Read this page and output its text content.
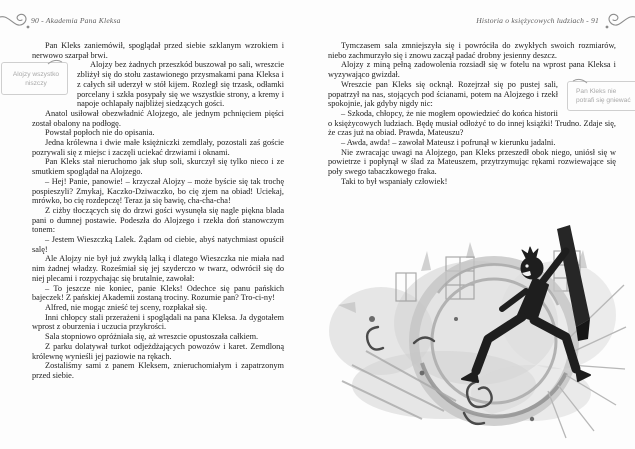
90 - Akademia Pana Kleksa

Pan Kleks zaniemówił, spoglądał przed siebie szklanym wzrokiem i nerwowo szarpał brwi.

Alojzy wszystko niszczy
Alojzy bez żadnych przeszkód buszował po sali, wreszcie zbliżył się do stołu zastawionego przysmakami pana Kleksa i z całych sił uderzył w stół kijem. Rozległ się trzask, odłamki porcelany i szkła posypały się we wszystkie strony, a kremy i napoje ochlapały najbliżej siedzących gości.

Anatol usiłował obezwładnić Alojzego, ale jednym pchnięciem pięści został obalony na podłogę.

Powstał popłoch nie do opisania.

Jedna królewna i dwie małe księżniczki zemdlały, pozostali zaś goście pozrywali się z miejsc i zaczęli uciekać drzwiami i oknami.

Pan Kleks stał nieruchomo jak słup soli, skurczył się tylko nieco i ze smutkiem spoglądał na Alojzego.

– Hej! Panie, panowie! – krzyczał Alojzy – może byście się tak trochę pospieszyli? Zmykaj, Kaczko-Dziwaczko, bo cię zjem na obiad! Uciekaj, mrówko, bo cię rozdepczę! Teraz ja się bawię, cha-cha-cha!

Z ciżby tłoczących się do drzwi gości wysunęła się nagle piękna blada pani o dumnej postawie. Podeszła do Alojzego i rzekła doń stanowczym tonem:

– Jestem Wieszczką Lalek. Żądam od ciebie, abyś natychmiast opuścił salę!

Ale Alojzy nie był już zwykłą lalką i dlatego Wieszczka nie miała nad nim żadnej władzy. Roześmiał się jej szyderczo w twarz, odwrócił się do niej plecami i rozpychając się brutalnie, zawołał:

– To jeszcze nie koniec, panie Kleks! Odechce się panu pańskich bajeczek! Z pańskiej Akademii zostaną trociny. Rozumie pan? Tro-ci-ny!

Alfred, nie mogąc znieść tej sceny, rozpłakał się.

Inni chłopcy stali przerażeni i spoglądali na pana Kleksa. Ja dygotałem wprost z oburzenia i uczucia przykrości.

Sala stopniowo opróżniała się, aż wreszcie opustoszała całkiem.

Z parku dolatywał turkot odjeżdżających powozów i karet. Zemdloną królewnę wynieśli jej paziowie na rękach.

Zostaliśmy sami z panem Kleksem, znieruchomiałym i zapatrzonym przed siebie.

Historia o księżycowych ludziach - 91

Tymczasem sala zmniejszyła się i powróciła do zwykłych swoich rozmiarów, niebo zachmurzyło się i znowu zaczął padać drobny jesienny deszcz.

Alojzy z miną pełną zadowolenia rozsiadł się w fotelu na wprost pana Kleksa i wyzywająco gwizdał.

Pan Kleks nie potrafi się gniewać
Wreszcie pan Kleks się ocknął. Rozejrzał się po pustej sali, popatrzył na nas, stojących pod ścianami, potem na Alojzego i rzekł spokojnie, jak gdyby nigdy nic:

– Szkoda, chłopcy, że nie mogłem opowiedzieć do końca historii o księżycowych ludziach. Będę musiał odłożyć to do innej książki! Trudno. Zdaje się, że czas już na obiad. Prawda, Mateuszu?

– Awda, awda! – zawołał Mateusz i pofrunął w kierunku jadalni.

Nie zwracając uwagi na Alojzego, pan Kleks przeszedł obok niego, uniósł się w powietrze i popłynął w ślad za Mateuszem, przytrzymując rękami rozwiewające się poły swego tabaczkowego fraka.

Taki to był wspaniały człowiek!
